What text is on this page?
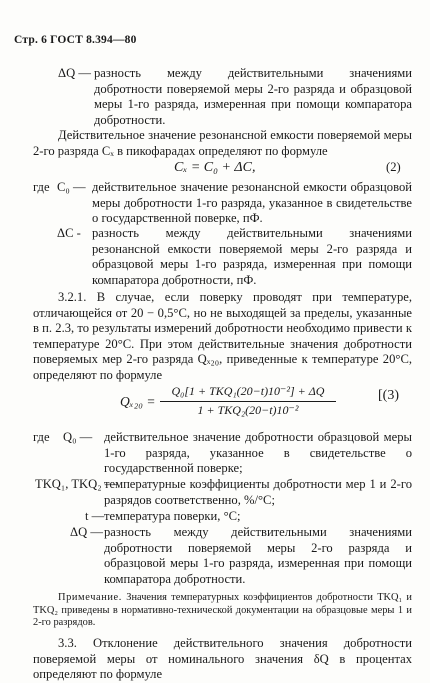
Стр. 6 ГОСТ 8.394—80
ΔQ — разность между действительными значениями добротности поверяемой меры 2-го разряда и образцовой меры 1-го разряда, измеренная при помощи компаратора добротности.
Действительное значение резонансной емкости поверяемой меры 2-го разряда Cₓ в пикофарадах определяют по формуле
Cₓ = C₀ + ΔC,	(2)
где C₀ — действительное значение резонансной емкости образцовой меры добротности 1-го разряда, указанное в свидетельстве о государственной поверке, пФ.
ΔC - разность между действительными значениями резонансной емкости поверяемой меры 2-го разряда и образцовой меры 1-го разряда, измеренная при помощи компаратора добротности, пФ.
3.2.1. В случае, если поверку проводят при температуре, отличающейся от 20 − 0,5°С, но не выходящей за пределы, указанные в п. 2.3, то результаты измерений добротности необходимо привести к температуре 20°С. При этом действительные значения добротности поверяемых мер 2-го разряда Qₓ₂₀, приведенные к температуре 20°С, определяют по формуле
Qₓ₂₀ =
Q₀[1 + TKQ₁(20−t)10⁻²] + ΔQ
1 + TKQ₂(20−t)10⁻²
[(3)
где Q₀ — действительное значение добротности образцовой меры 1-го разряда, указанное в свидетельстве о государственной поверке;
TKQ₁, TKQ₂ —
температурные коэффициенты добротности мер 1 и 2-го разрядов соответственно, %/°С;
t — температура поверки, °С;
ΔQ — разность между действительными значениями добротности поверяемой меры 2-го разряда и образцовой меры 1-го разряда, измеренная при помощи компаратора добротности.
Примечание. Значения температурных коэффициентов добротности TKQ₁ и TKQ₂ приведены в нормативно-технической документации на образцовые меры 1 и 2-го разрядов.
3.3. Отклонение действительного значения добротности поверяемой меры от номинального значения δQ в процентах определяют по формуле
